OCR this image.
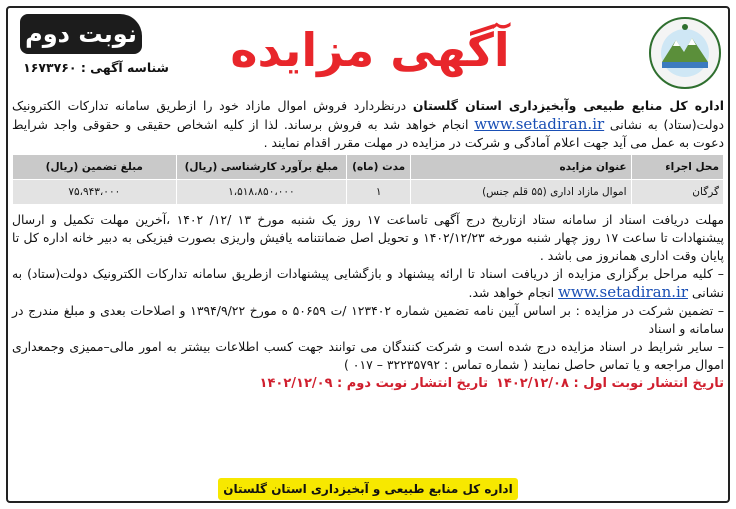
نوبت دوم
شناسه آگهی : ۱۶۷۳۷۶۰	آگهی مزایده

اداره کل منابع طبیعی وآبخیزداری استان گلستان درنظردارد فروش اموال مازاد خود را ازطریق سامانه تدارکات الکترونیک دولت(ستاد) به نشانی www.setadiran.ir انجام خواهد شد به فروش برساند. لذا از کلیه اشخاص حقیقی و حقوقی واجد شرایط دعوت به عمل می آید جهت اعلام آمادگی و شرکت در مزایده در مهلت مقرر اقدام نمایند .

محل اجراء	عنوان مزایده	مدت (ماه)	مبلغ برآورد کارشناسی (ریال)	مبلغ تضمین (ریال)
گرگان	اموال مازاد اداری (۵۵ قلم جنس)	۱	۱،۵۱۸،۸۵۰،۰۰۰	۷۵،۹۴۳،۰۰۰

مهلت دریافت اسناد از سامانه ستاد ازتاریخ درج آگهی تاساعت ۱۷ روز یک شنبه مورخ ۱۳ /۱۲/ ۱۴۰۲ ،آخرین مهلت تکمیل و ارسال پیشنهادات تا ساعت ۱۷ روز چهار شنبه مورخه ۱۴۰۲/۱۲/۲۳ و تحویل اصل ضمانتنامه یافیش واریزی بصورت فیزیکی به دبیر خانه اداره کل تا پایان وقت اداری همانروز می باشد .

– کلیه مراحل برگزاری مزایده از دریافت اسناد تا ارائه پیشنهاد و بازگشایی پیشنهادات ازطریق سامانه تدارکات الکترونیک دولت(ستاد) به نشانی www.setadiran.ir انجام خواهد شد.

– تضمین شرکت در مزایده : بر اساس آیین نامه تضمین شماره ۱۲۳۴۰۲ /ت ۵۰۶۵۹ ه مورخ ۱۳۹۴/۹/۲۲ و اصلاحات بعدی و مبلغ مندرج در سامانه و اسناد

– سایر شرایط در اسناد مزایده درج شده است و شرکت کنندگان می توانند جهت کسب اطلاعات بیشتر به امور مالی–ممیزی وجمعداری اموال مراجعه و یا تماس حاصل نمایند ( شماره تماس : ۳۲۲۳۵۷۹۲ – ۰۱۷ )

تاریخ انتشار نوبت اول : ۱۴۰۲/۱۲/۰۸  تاریخ انتشار نوبت دوم : ۱۴۰۲/۱۲/۰۹

اداره کل منابع طبیعی و آبخیزداری استان گلستان
